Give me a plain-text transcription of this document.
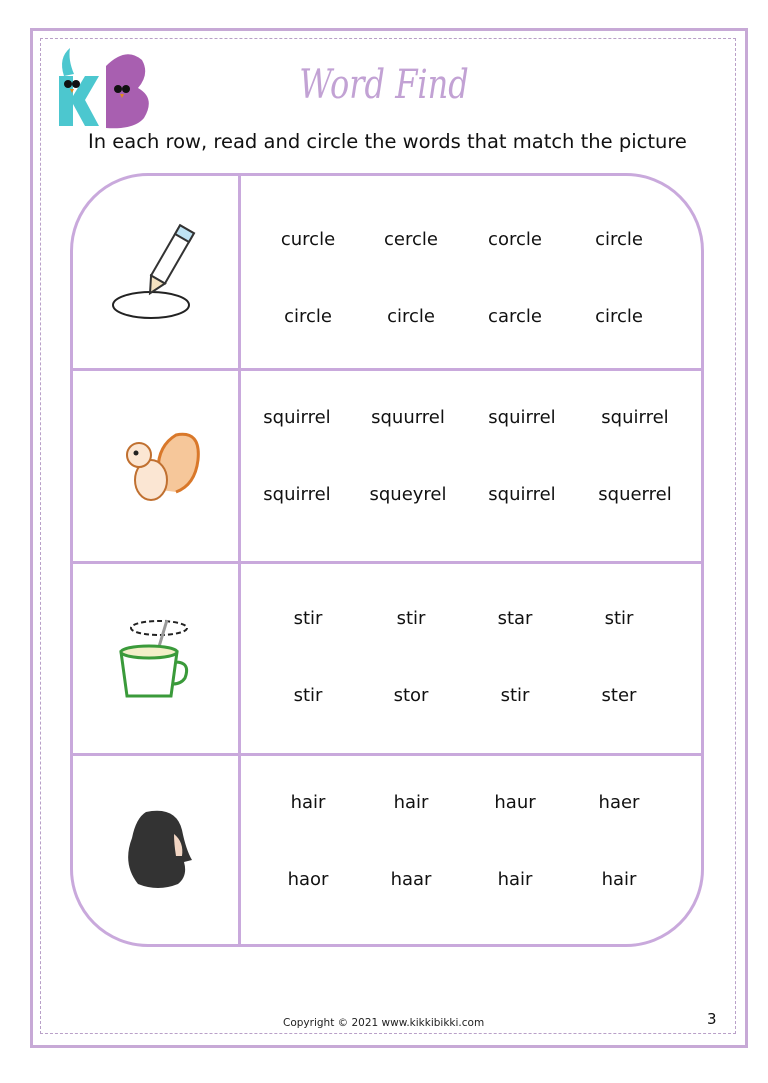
Word Find
In each row, read and circle the words that match the picture
Copyright © 2021 www.kikkibikki.com	3
curcle	cercle	corcle	circle
circle	circle	carcle	circle
squirrel squurrel squirrel	squirrel
squirrel squeyrel squirrel squerrel
stir	stir	star	stir
stir	stor	stir	ster
hair	hair	haur	haer
haor	haar	hair	hair
